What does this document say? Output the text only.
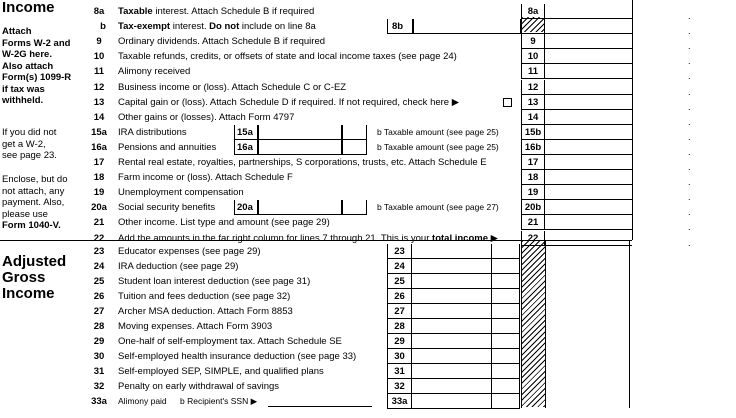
Income
Attach
Forms W-2 and
W-2G here.
Also attach
Form(s) 1099-R
if tax was
withheld.
If you did not
get a W-2,
see page 23.
Enclose, but do
not attach, any
payment. Also,
please use
Form 1040-V.
Adjusted
Gross
Income
8a	Taxable interest. Attach Schedule B if required	8a	.
b	Tax-exempt interest. Do not include on line 8a	8b	.
9	Ordinary dividends. Attach Schedule B if required	9	.
10	Taxable refunds, credits, or offsets of state and local income taxes (see page 24)	10	.
11	Alimony received	11	.
12	Business income or (loss). Attach Schedule C or C-EZ	12	.
13	Capital gain or (loss). Attach Schedule D if required. If not required, check here ▶	13	.
14	Other gains or (losses). Attach Form 4797	14	.
15a	IRA distributions	15a	b Taxable amount (see page 25)	15b	.
16a	Pensions and annuities 16a	b Taxable amount (see page 25)	16b	.
17	Rental real estate, royalties, partnerships, S corporations, trusts, etc. Attach Schedule E	17	.
18	Farm income or (loss). Attach Schedule F	18	.
19	Unemployment compensation	19	.
20a	Social security benefits 20a	b Taxable amount (see page 27)	20b	.
21	Other income. List type and amount (see page 29)	21	.
22	Add the amounts in the far right column for lines 7 through 21. This is your total income ▶	22	.
23	Educator expenses (see page 29)	23
24	IRA deduction (see page 29)	24
25	Student loan interest deduction (see page 31)	25
26	Tuition and fees deduction (see page 32)	26
27	Archer MSA deduction. Attach Form 8853	27
28	Moving expenses. Attach Form 3903	28
29	One-half of self-employment tax. Attach Schedule SE	29
30	Self-employed health insurance deduction (see page 33)	30
31	Self-employed SEP, SIMPLE, and qualified plans	31
32	Penalty on early withdrawal of savings	32
33a	Alimony paid b Recipient's SSN ▶	33a
